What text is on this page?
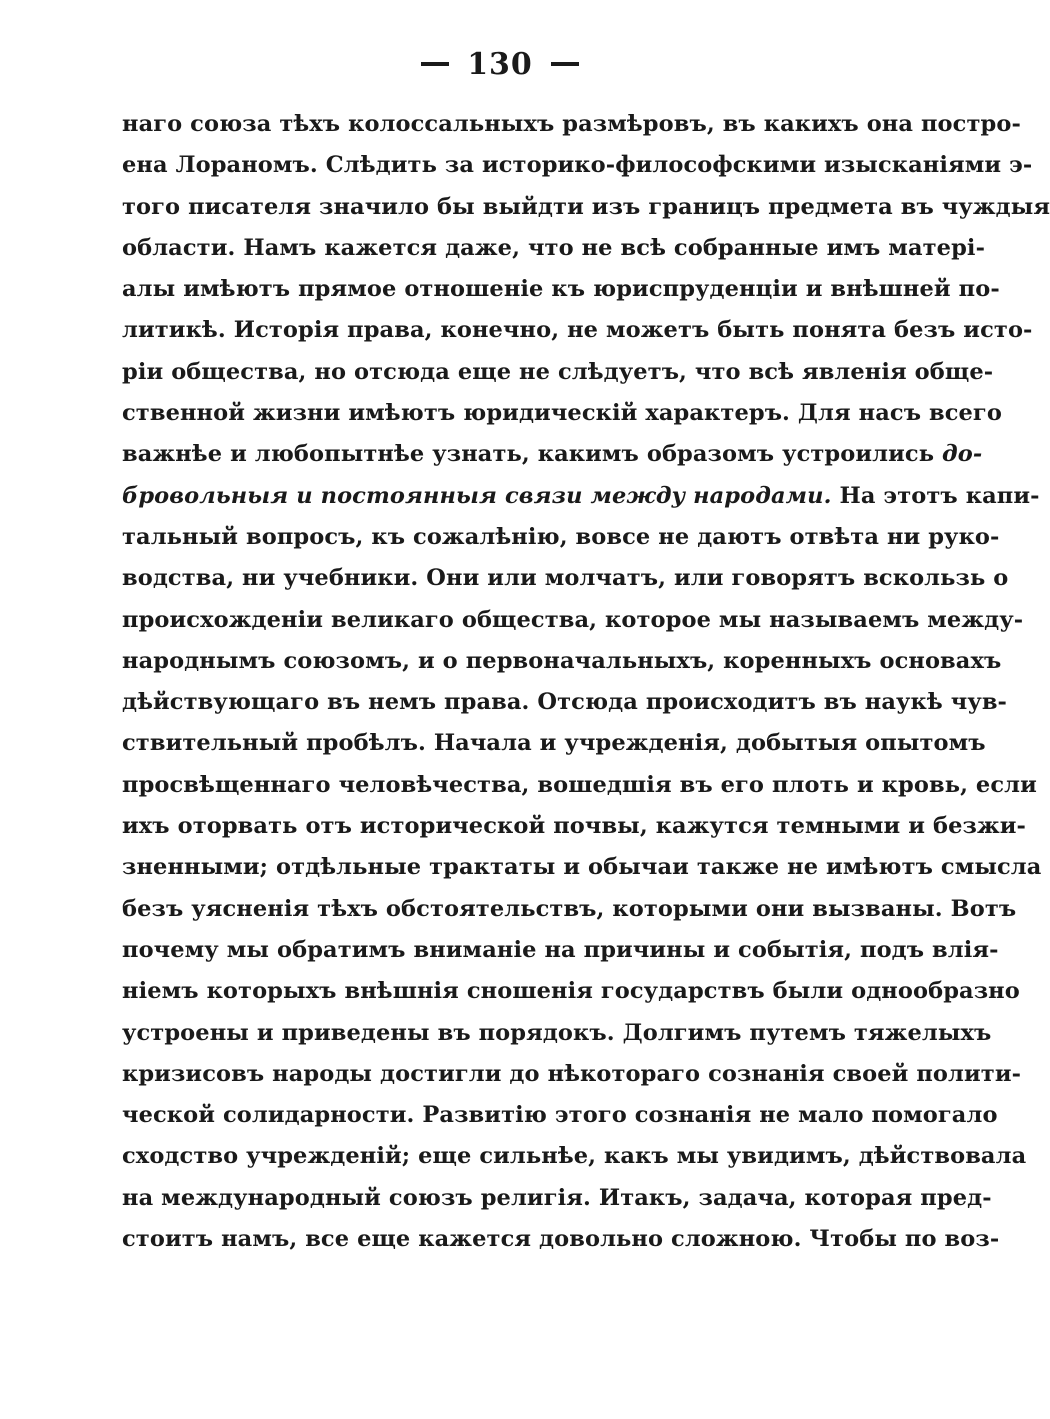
130
наго союза тѣхъ колоссальныхъ размѣровъ, въ какихъ она постро-
ена Лораномъ. Слѣдить за историко-философскими изысканіями э-
того писателя значило бы выйдти изъ границъ предмета въ чуждыя
области. Намъ кажется даже, что не всѣ собранные имъ матері-
алы имѣютъ прямое отношеніе къ юриспруденціи и внѣшней по-
литикѣ. Исторія права, конечно, не можетъ быть понята безъ исто-
ріи общества, но отсюда еще не слѣдуетъ, что всѣ явленія обще-
ственной жизни имѣютъ юридическій характеръ. Для насъ всего
важнѣе и любопытнѣе узнать, какимъ образомъ устроились до-
бровольныя и постоянныя связи между народами. На этотъ капи-
тальный вопросъ, къ сожалѣнію, вовсе не даютъ отвѣта ни руко-
водства, ни учебники. Они или молчатъ, или говорятъ вскользь о
происхожденіи великаго общества, которое мы называемъ между-
народнымъ союзомъ, и о первоначальныхъ, коренныхъ основахъ
дѣйствующаго въ немъ права. Отсюда происходитъ въ наукѣ чув-
ствительный пробѣлъ. Начала и учрежденія, добытыя опытомъ
просвѣщеннаго человѣчества, вошедшія въ его плоть и кровь, если
ихъ оторвать отъ исторической почвы, кажутся темными и безжи-
зненными; отдѣльные трактаты и обычаи также не имѣютъ смысла
безъ уясненія тѣхъ обстоятельствъ, которыми они вызваны. Вотъ
почему мы обратимъ вниманіе на причины и событія, подъ влія-
ніемъ которыхъ внѣшнія сношенія государствъ были однообразно
устроены и приведены въ порядокъ. Долгимъ путемъ тяжелыхъ
кризисовъ народы достигли до нѣкотораго сознанія своей полити-
ческой солидарности. Развитію этого сознанія не мало помогало
сходство учрежденій; еще сильнѣе, какъ мы увидимъ, дѣйствовала
на международный союзъ религія. Итакъ, задача, которая пред-
стоитъ намъ, все еще кажется довольно сложною. Чтобы по воз-
